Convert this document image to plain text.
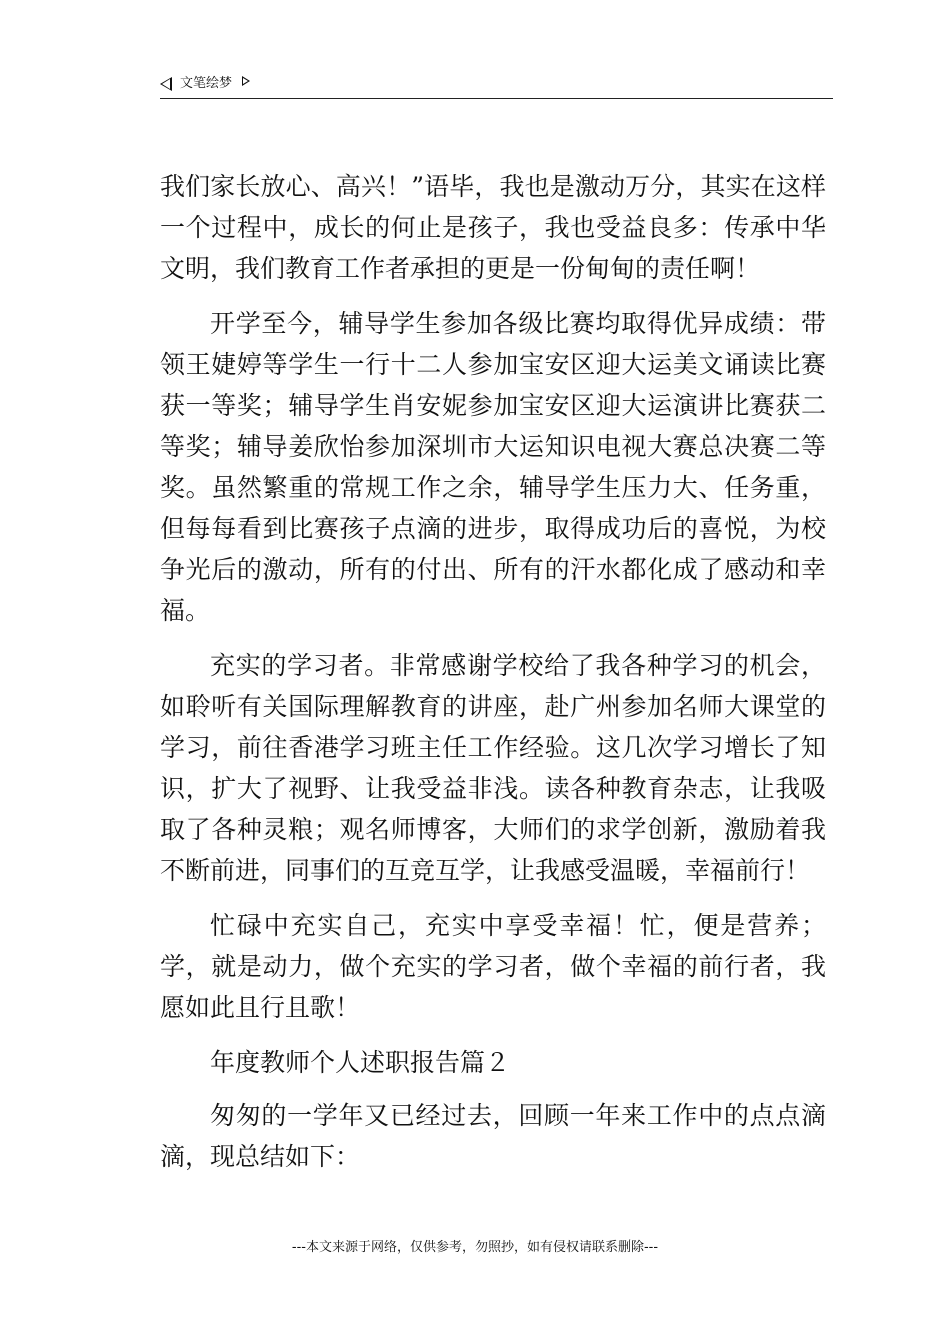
文笔绘梦

我们家长放心、高兴！”语毕，我也是激动万分，其实在这样一个过程中，成长的何止是孩子，我也受益良多：传承中华文明，我们教育工作者承担的更是一份甸甸的责任啊！

开学至今，辅导学生参加各级比赛均取得优异成绩：带领王婕婷等学生一行十二人参加宝安区迎大运美文诵读比赛获一等奖；辅导学生肖安妮参加宝安区迎大运演讲比赛获二等奖；辅导姜欣怡参加深圳市大运知识电视大赛总决赛二等奖。虽然繁重的常规工作之余，辅导学生压力大、任务重，但每每看到比赛孩子点滴的进步，取得成功后的喜悦，为校争光后的激动，所有的付出、所有的汗水都化成了感动和幸福。

充实的学习者。非常感谢学校给了我各种学习的机会，如聆听有关国际理解教育的讲座，赴广州参加名师大课堂的学习，前往香港学习班主任工作经验。这几次学习增长了知识，扩大了视野、让我受益非浅。读各种教育杂志，让我吸取了各种灵粮；观名师博客，大师们的求学创新，激励着我不断前进，同事们的互竞互学，让我感受温暖，幸福前行！

忙碌中充实自己，充实中享受幸福！忙，便是营养；学，就是动力，做个充实的学习者，做个幸福的前行者，我愿如此且行且歌！

年度教师个人述职报告篇２

匆匆的一学年又已经过去，回顾一年来工作中的点点滴滴，现总结如下：

---本文来源于网络，仅供参考，勿照抄，如有侵权请联系删除---
